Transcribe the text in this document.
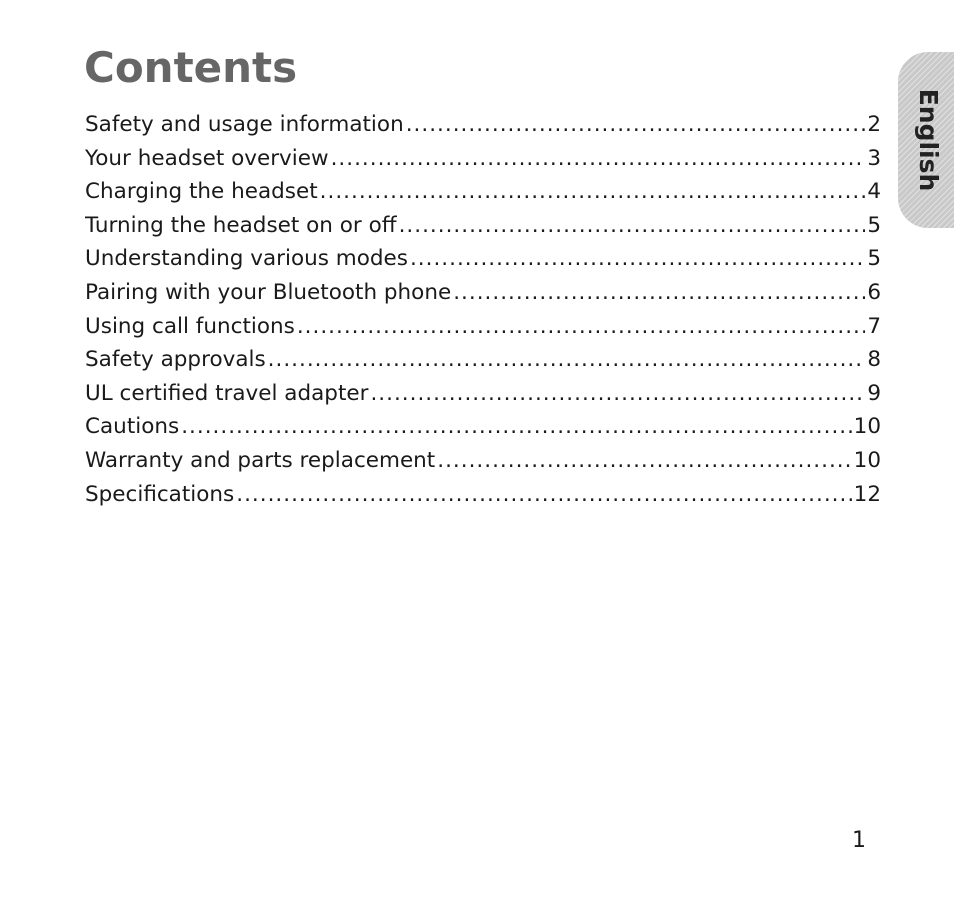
Contents
Safety and usage information .....	2
Your headset overview .....	3
Charging the headset .....	4
Turning the headset on or off .....	5
Understanding various modes .....	5
Pairing with your Bluetooth phone .....	6
Using call functions .....	7
Safety approvals .....	8
UL certified travel adapter .....	9
Cautions .....	10
Warranty and parts replacement .....	10
Specifications .....	12
English
1
